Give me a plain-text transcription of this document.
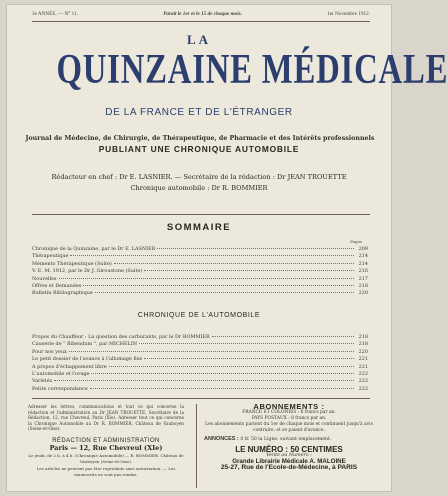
3e ANNÉE. — N° 11.	Paraît le 1er et le 15 de chaque mois.	1er Novembre 1912.
LA
QUINZAINE MÉDICALE
DE LA FRANCE ET DE L'ÉTRANGER
Journal de Médecine, de Chirurgie, de Thérapeutique, de Pharmacie et des Intérêts professionnels
PUBLIANT UNE CHRONIQUE AUTOMOBILE
Rédacteur en chef : Dr E. LASNIER. — Secrétaire de la rédaction : Dr JEAN TROUETTE
Chronique automobile : Dr R. BOMMIER
SOMMAIRE
Pages
Chronique de la Quinzaine, par le Dr E. LASNIER	209
Thérapeutique	214
Mémento Thérapeutique (Suite)	214
V. E. M. 1912, par le Dr J. Giroustone (Suite)	216
Nouvelles	217
Offres et Demandes	218
Bulletin Bibliographique	220
CHRONIQUE DE L'AUTOMOBILE
Propos du Chauffeur : La question des carburants, par le Dr BOMMIER	218
Causerie de " Bibendum ", par MICHELIN	218
Pour nos yeux	220
Le petit dossier de l'avance à l'allumage fixe	221
A propos d'échappement libre	221
L'automobile et l'orage	222
Variétés	222
Petite correspondance	222
Adresser les lettres, communications et tout ce qui concerne la rédaction et l'administration au Dr JEAN TROUETTE, Secrétaire de la Rédaction, 12, rue Chevreul, Paris (XIe). Adresser tout ce qui concerne la Chronique Automobile au Dr R. BOMMIER, Château de Vauboyen (Seine-et-Oise).
RÉDACTION ET ADMINISTRATION
Paris — 12, Rue Chevreul (XIe)
Le jeudi, de 2 h. à 4 h. (Chronique Automobile) — R. BOMMIER, Château de Vauboyen (Seine-et-Oise).
Les articles ne peuvent pas être reproduits sans autorisation. — Les manuscrits ne sont pas rendus.
ABONNEMENTS :
FRANCE ET COLONIES : 6 francs par an.
PAYS POSTAUX : 8 francs par an.
Les abonnements partent du 1er de chaque mois et continuent jusqu'à avis contraire, et se paient d'avance.
ANNONCES : 0 fr. 50 la Ligne, suivant emplacement.
LE NUMÉRO : 50 CENTIMES
Vente au Numéro :
Grande Librairie Médicale A. MALOINE
25-27, Rue de l'Ecole-de-Médecine, à PARIS
